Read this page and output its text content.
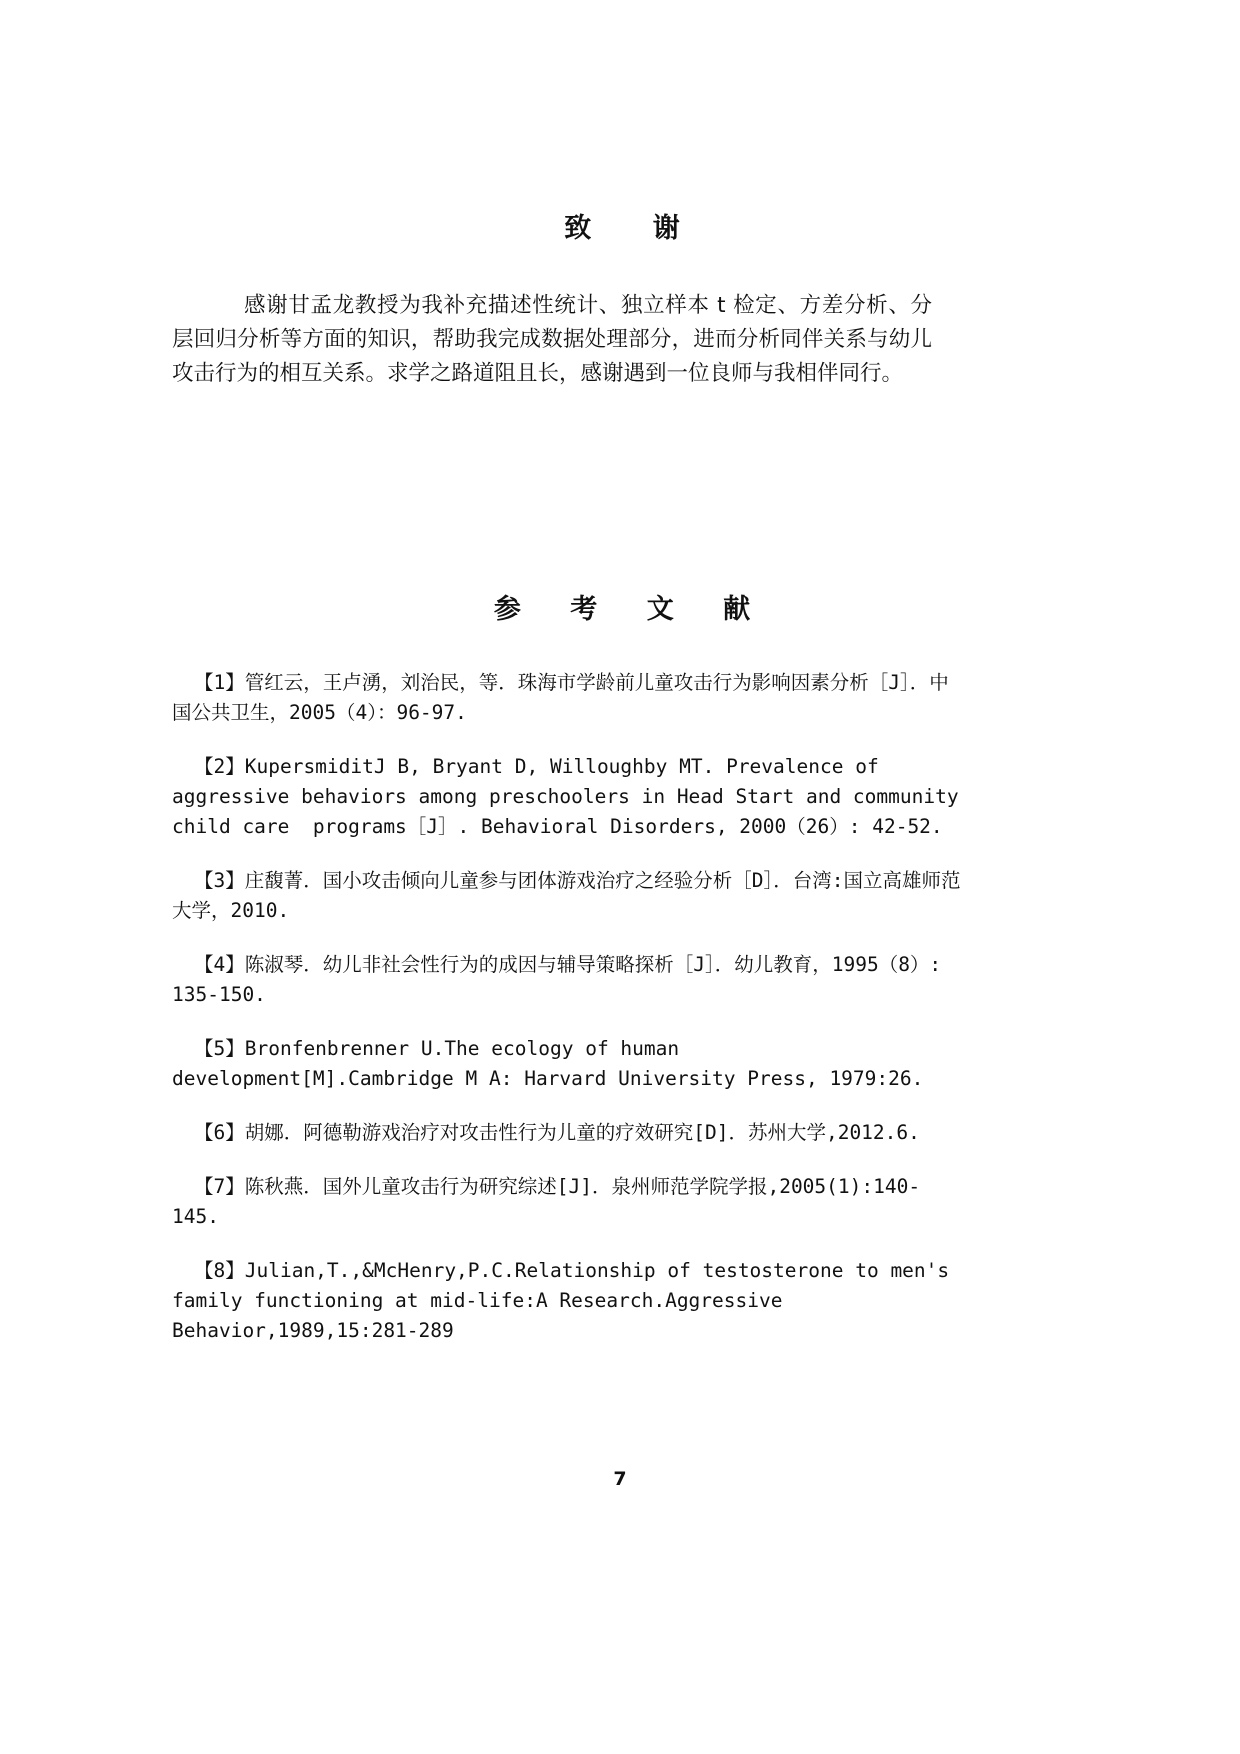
致 谢
感谢甘孟龙教授为我补充描述性统计、独立样本 t 检定、方差分析、分层回归分析等方面的知识，帮助我完成数据处理部分，进而分析同伴关系与幼儿攻击行为的相互关系。求学之路道阻且长，感谢遇到一位良师与我相伴同行。
参 考 文 献
【1】管红云，王卢湧，刘治民，等．珠海市学龄前儿童攻击行为影响因素分析［J］．中国公共卫生，2005（4）：96-97.
【2】KupersmiditJ B, Bryant D, Willoughby MT. Prevalence of aggressive behaviors among preschoolers in Head Start and community child care  programs［J］. Behavioral Disorders, 2000（26）: 42-52.
【3】庄馥菁．国小攻击倾向儿童参与团体游戏治疗之经验分析［D］．台湾:国立高雄师范大学，2010.
【4】陈淑琴．幼儿非社会性行为的成因与辅导策略探析［J］．幼儿教育，1995（8）: 135-150.
【5】Bronfenbrenner U.The ecology of human development[M].Cambridge M A: Harvard University Press, 1979:26.
【6】胡娜．阿德勒游戏治疗对攻击性行为儿童的疗效研究[D]．苏州大学,2012.6.
【7】陈秋燕．国外儿童攻击行为研究综述[J]．泉州师范学院学报,2005(1):140-145.
【8】Julian,T.,&McHenry,P.C.Relationship of testosterone to men's family functioning at mid-life:A Research.Aggressive Behavior,1989,15:281-289
7
